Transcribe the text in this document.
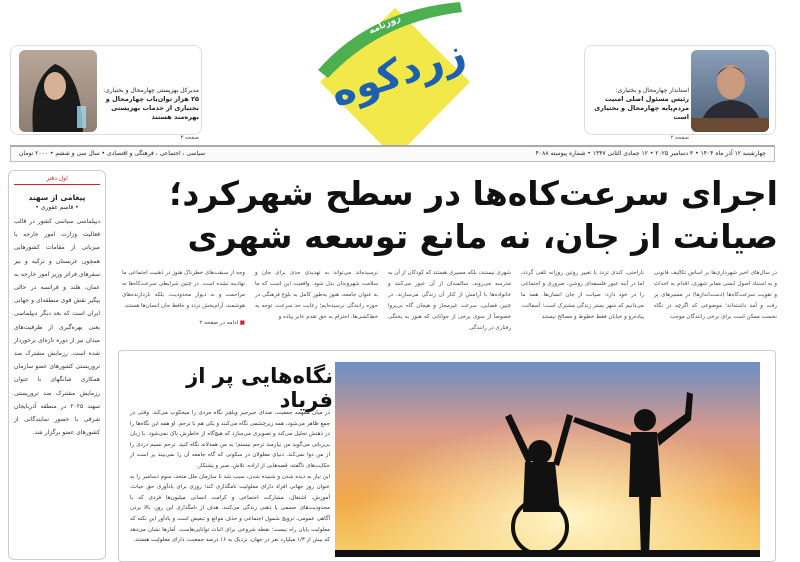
مدیرکل بهزیستی چهارمحال و بختیاری:
۲۵ هزار توان‌یاب چهارمحال و بختیاری از خدمات بهزیستی بهره‌مند هستند
صفحه ۳
استاندار چهارمحال و بختیاری:
رئیس مسئول اصلی امنیت مردم‌پایه چهارمحال و بختیاری است
صفحه ۲
روزنامه
زردکوه
چهارشنبه ۱۲ آذر ماه ۱۴۰۴ • ۳ دسامبر ۲۰۲۵ • ۱۲ جمادی الثانی ۱۴۴۷ • شماره پیوسته ۴۰۸۸
سیاسی ، اجتماعی ، فرهنگی و اقتصادی • سال سی و ششم • ۲۰۰۰ تومان
اول دفتر
پیغامی از سهند
• قاسم غفوری •
دیپلماسی سیاسی کشور در قالب فعالیت وزارت امور خارجه با میزبانی از مقامات کشورهایی همچون عربستان و ترکیه و نیز سفرهای فراتر وزیر امور خارجه به عمان، هلند و فرانسه در حالی پیگیر نقش قوی منطقه‌ای و جهانی ایران است که بعد دیگر دیپلماسی یعنی بهره‌گیری از ظرفیت‌های میدان نیز از دوره تازه‌ای برخوردار شده است. رزمایش مشترک ضد تروریستی کشورهای عضو سازمان همکاری شانگهای با عنوان رزمایش مشترک ضد تروریستی سهند ۲۰۲۵ در منطقه آذربایجان شرقی با حضور نمایندگانی از کشورهای عضو برگزار شد.
اجرای سرعت‌کاه‌ها در سطح شهرکرد؛ صیانت از جان، نه مانع توسعه شهری
در سال‌های اخیر شهرداری‌ها بر اساس تکالیف قانونی و به استناد اصول ایمنی معابر شهری، اقدام به احداث و تقویت سرعت‌کاه‌ها (دست‌اندازها) در مسیرهای پر رفت و آمد داشته‌اند؛ موضوعی که اگرچه در نگاه نخست ممکن است برای برخی رانندگان موجب
ناراحتی، کندی تردد یا تغییر روتین روزانه تلقی گردد، اما در آینه عبور فلسفه‌ای روشن، ضروری و اجتماعی را در خود دارد: صیانت از جان انسان‌ها. همه ما می‌دانیم که شهر بستر زندگی مشترک است؛ آسفالت، پیاده‌رو و خیابان فقط خطوط و مصالح نیستند
شهری نیستند، بلکه مسیری هستند که کودکان از آن به مدرسه می‌روند، سالمندان از آن عبور می‌کنند و خانواده‌ها با آرامش از کنار آن زندگی می‌سازند. در چنین فضایی، سرعت غیرمجاز و هیجان گاه بی‌پروا خصوصاً از سوی برخی از جوانانی که هنوز به پختگی رفتاری در رانندگی
نرسیده‌اند می‌تواند به تهدیدی جدی برای جان و سلامت شهروندان بدل شود. واقعیت این است که ما به عنوان جامعه، هنوز به‌طور کامل به بلوغ فرهنگی در حوزه رانندگی نرسیده‌ایم؛ رعایت حد سرعت، توجه به خط‌کشی‌ها، احترام به حق تقدم عابر پیاده و
وجه از سبقت‌های خطرناک هنوز در ذهنیت اجتماعی ما نهادینه نشده است. در چنین شرایطی سرعت‌کاه‌ها نه مزاحمت و نه دیوار محدودیت، بلکه بازدارنده‌های هوشمند، آرام‌بخش تردد و حافظ جان انسان‌ها هستند.
■ ادامه در صفحه ۲
نگاه‌هایی پر از فریاد

در میان همهمه جمعیت، صدای جیرجیر ویلچر نگاه مردی را میخکوب می‌کند. وقتی در جمع ظاهر می‌شود، همه زیرچشمی نگاه می‌کنند و یکی هم با ترحم. او همه این نگاه‌ها را در ذهنش تحلیل می‌کند و تصویری می‌سازد که هیچ‌گاه از خاطرش پاک نمی‌شود. با زبان بی‌زبانی می‌گوید من نیازمند ترحم نیستم؛ به من همدلانه نگاه کنید. ترحم نسیم دردی را از من دوا نمی‌کند. دنیای معلولان در سکوتی که گاه جامعه آن را نمی‌بیند پر است از حکایت‌های ناگفته، قصه‌هایی از اراده، تلاش، صبر و پشتکار.

این نیاز به دیده شدن و شنیده شدن، سبب شد تا سازمان ملل متحد، سوم دسامبر را به عنوان روز جهانی افراد دارای معلولیت نامگذاری کند؛ روزی برای یادآوری حق حیات، آموزش، اشتغال، مشارکت اجتماعی و کرامت انسانی میلیون‌ها فردی که با محدودیت‌های جسمی یا ذهنی زندگی می‌کنند. هدف از نامگذاری این روز، بالا بردن آگاهی عمومی، ترویج شمول اجتماعی و حذف موانع و تبعیض است و یادآور این نکته که معلولیت پایان راه نیست؛ نقطه شروعی برای اثبات توانایی‌هاست. آمارها نشان می‌دهد که بیش از ۱/۳ میلیارد نفر در جهان، نزدیک به ۱۶ درصد جمعیت، دارای معلولیت هستند.
